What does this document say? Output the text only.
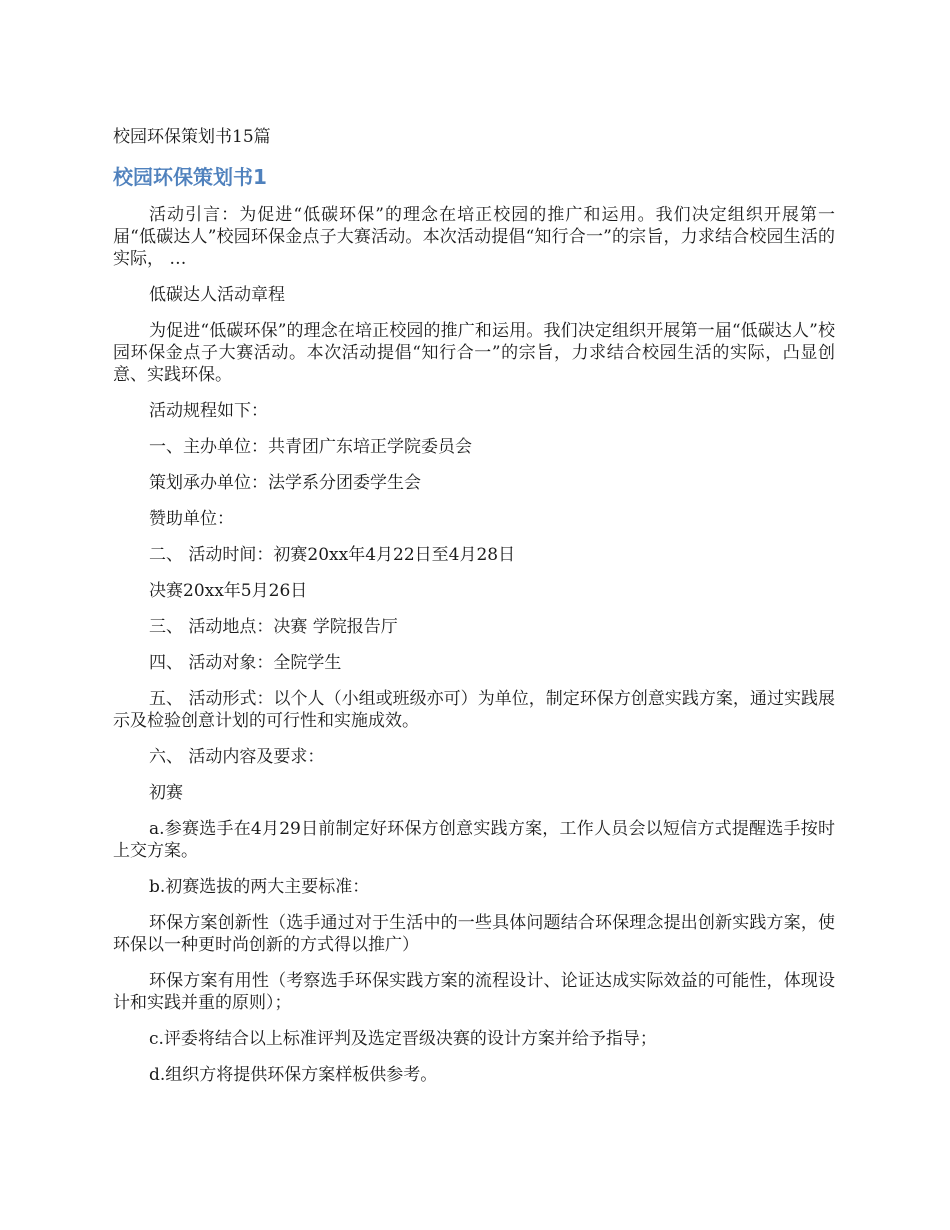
校园环保策划书15篇

校园环保策划书1

活动引言：为促进“低碳环保”的理念在培正校园的推广和运用。我们决定组织开展第一届“低碳达人”校园环保金点子大赛活动。本次活动提倡“知行合一”的宗旨，力求结合校园生活的实际， …

低碳达人活动章程

为促进“低碳环保”的理念在培正校园的推广和运用。我们决定组织开展第一届“低碳达人”校园环保金点子大赛活动。本次活动提倡“知行合一”的宗旨，力求结合校园生活的实际，凸显创意、实践环保。

活动规程如下：

一、主办单位：共青团广东培正学院委员会

策划承办单位：法学系分团委学生会

赞助单位：

二、 活动时间：初赛20xx年4月22日至4月28日

决赛20xx年5月26日

三、 活动地点：决赛 学院报告厅

四、 活动对象：全院学生

五、 活动形式：以个人（小组或班级亦可）为单位，制定环保方创意实践方案，通过实践展示及检验创意计划的可行性和实施成效。

六、 活动内容及要求：

初赛

a.参赛选手在4月29日前制定好环保方创意实践方案，工作人员会以短信方式提醒选手按时上交方案。

b.初赛选拔的两大主要标准：

环保方案创新性（选手通过对于生活中的一些具体问题结合环保理念提出创新实践方案，使环保以一种更时尚创新的方式得以推广）

环保方案有用性（考察选手环保实践方案的流程设计、论证达成实际效益的可能性，体现设计和实践并重的原则）；

c.评委将结合以上标准评判及选定晋级决赛的设计方案并给予指导；

d.组织方将提供环保方案样板供参考。
